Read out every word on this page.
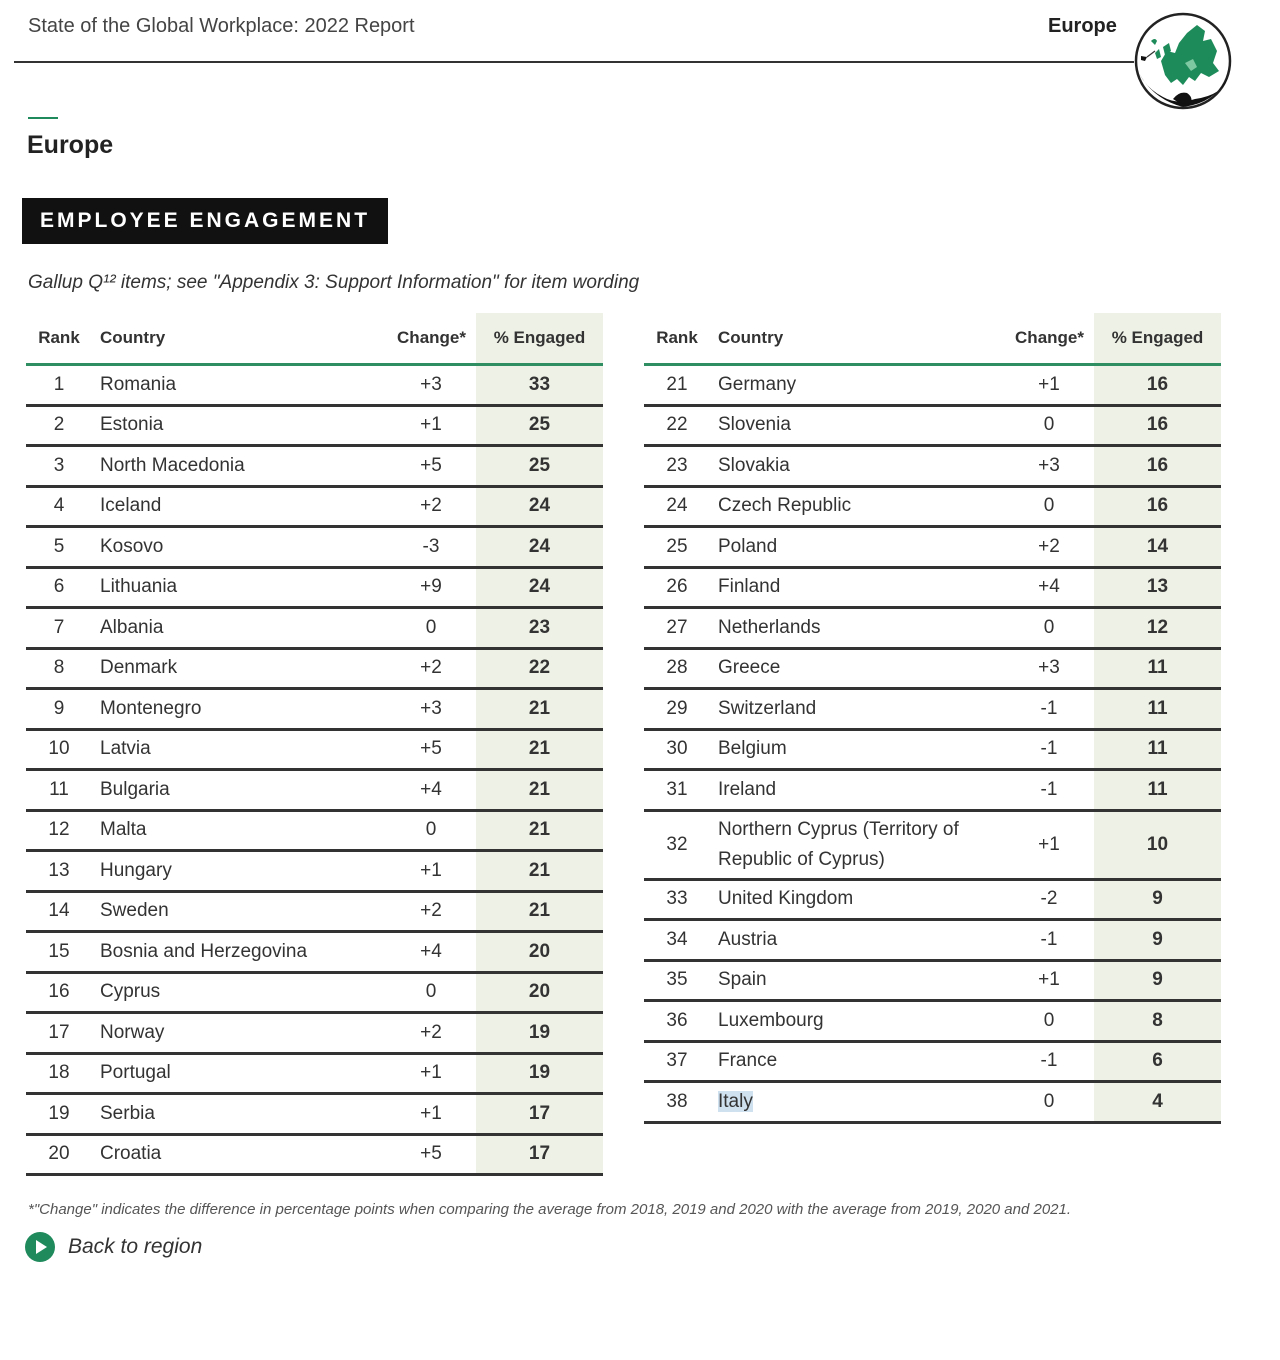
State of the Global Workplace: 2022 Report	Europe
Europe
EMPLOYEE ENGAGEMENT
Gallup Q¹² items; see "Appendix 3: Support Information" for item wording
Rank	Country	Change*	% Engaged
1	Romania	+3	33
2	Estonia	+1	25
3	North Macedonia	+5	25
4	Iceland	+2	24
5	Kosovo	-3	24
6	Lithuania	+9	24
7	Albania	0	23
8	Denmark	+2	22
9	Montenegro	+3	21
10	Latvia	+5	21
11	Bulgaria	+4	21
12	Malta	0	21
13	Hungary	+1	21
14	Sweden	+2	21
15	Bosnia and Herzegovina	+4	20
16	Cyprus	0	20
17	Norway	+2	19
18	Portugal	+1	19
19	Serbia	+1	17
20	Croatia	+5	17
Rank	Country	Change*	% Engaged
21	Germany	+1	16
22	Slovenia	0	16
23	Slovakia	+3	16
24	Czech Republic	0	16
25	Poland	+2	14
26	Finland	+4	13
27	Netherlands	0	12
28	Greece	+3	11
29	Switzerland	-1	11
30	Belgium	-1	11
31	Ireland	-1	11
32	Northern Cyprus (Territory of Republic of Cyprus)	+1	10
33	United Kingdom	-2	9
34	Austria	-1	9
35	Spain	+1	9
36	Luxembourg	0	8
37	France	-1	6
38	Italy	0	4
*"Change" indicates the difference in percentage points when comparing the average from 2018, 2019 and 2020 with the average from 2019, 2020 and 2021.
Back to region
